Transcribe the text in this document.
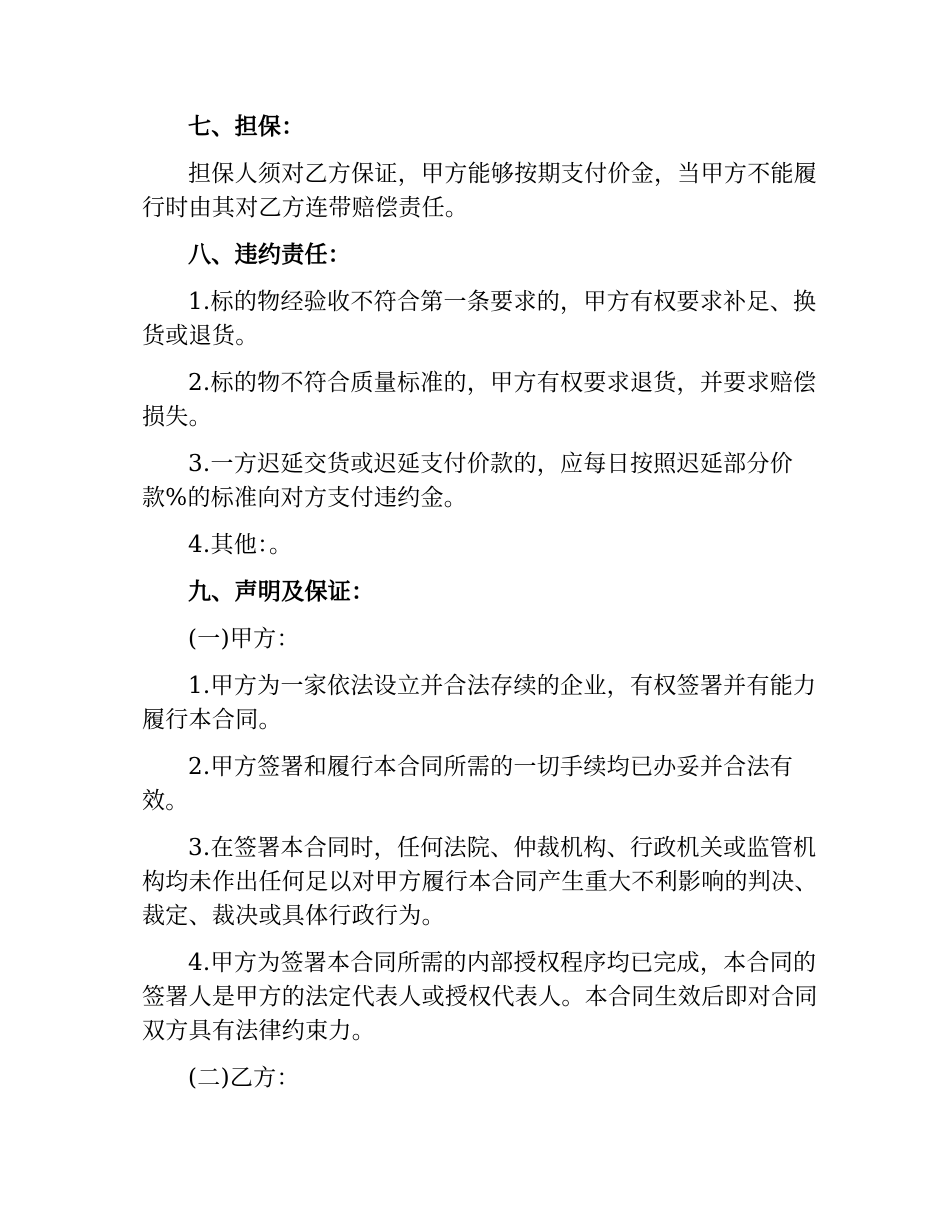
七、担保：

担保人须对乙方保证，甲方能够按期支付价金，当甲方不能履行时由其对乙方连带赔偿责任。

八、违约责任：

1.标的物经验收不符合第一条要求的，甲方有权要求补足、换货或退货。

2.标的物不符合质量标准的，甲方有权要求退货，并要求赔偿损失。

3.一方迟延交货或迟延支付价款的，应每日按照迟延部分价款%的标准向对方支付违约金。

4.其他：。

九、声明及保证：

(一)甲方：

1.甲方为一家依法设立并合法存续的企业，有权签署并有能力履行本合同。

2.甲方签署和履行本合同所需的一切手续均已办妥并合法有效。

3.在签署本合同时，任何法院、仲裁机构、行政机关或监管机构均未作出任何足以对甲方履行本合同产生重大不利影响的判决、裁定、裁决或具体行政行为。

4.甲方为签署本合同所需的内部授权程序均已完成，本合同的签署人是甲方的法定代表人或授权代表人。本合同生效后即对合同双方具有法律约束力。

(二)乙方：
